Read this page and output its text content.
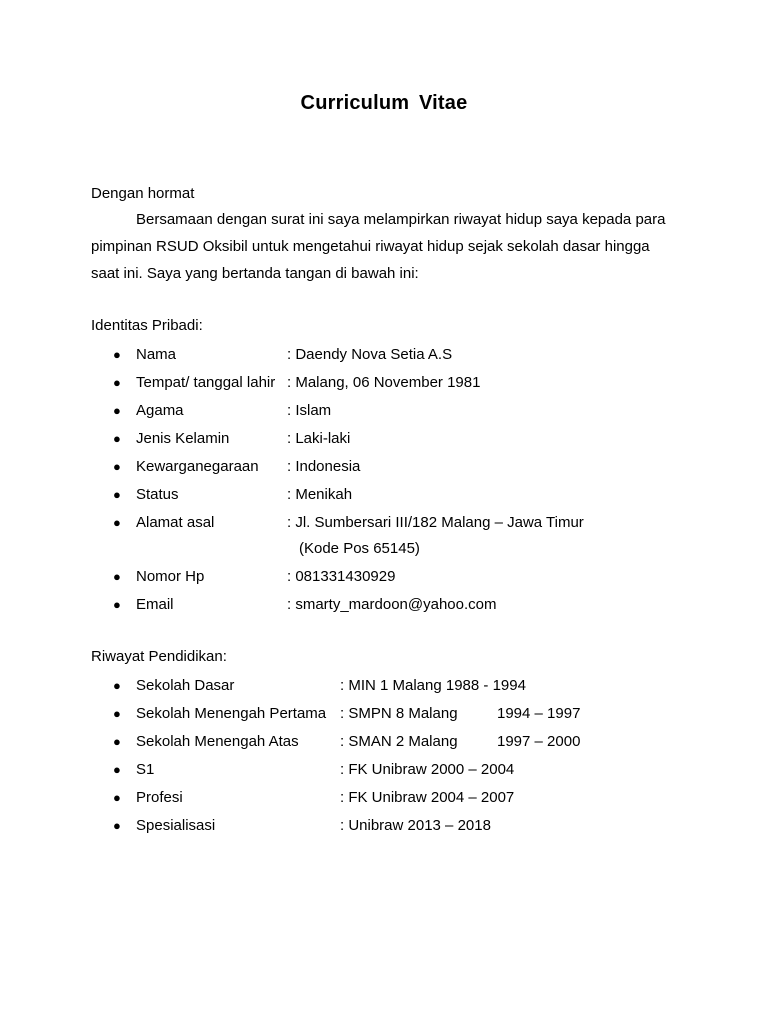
Curriculum Vitae
Dengan hormat
Bersamaan dengan surat ini saya melampirkan riwayat hidup saya kepada para pimpinan RSUD Oksibil untuk mengetahui riwayat hidup sejak sekolah dasar hingga saat ini. Saya yang bertanda tangan di bawah ini:
Identitas Pribadi:
● Nama	: Daendy Nova Setia A.S
● Tempat/ tanggal lahir : Malang, 06 November 1981
● Agama	: Islam
● Jenis Kelamin	: Laki-laki
● Kewarganegaraan : Indonesia
● Status	: Menikah
● Alamat asal	: Jl. Sumbersari III/182 Malang – Jawa Timur
(Kode Pos 65145)
● Nomor Hp	: 081331430929
● Email	: smarty_mardoon@yahoo.com
Riwayat Pendidikan:
● Sekolah Dasar	: MIN 1 Malang 1988 - 1994
● Sekolah Menengah Pertama : SMPN 8 Malang	1994 – 1997
● Sekolah Menengah Atas	: SMAN 2 Malang	1997 – 2000
● S1	: FK Unibraw 2000 – 2004
● Profesi	: FK Unibraw 2004 – 2007
● Spesialisasi	: Unibraw 2013 – 2018
